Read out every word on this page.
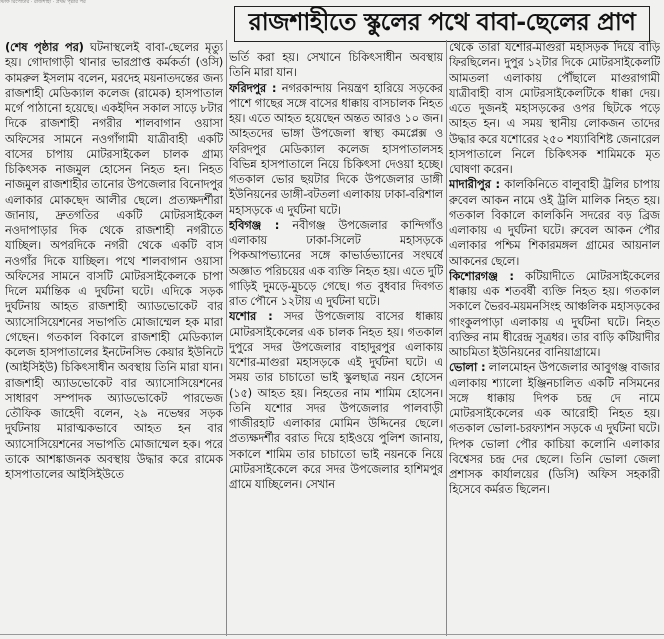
স্টাফ রিপোর্টার · রাজশাহী · প্রথম পৃষ্ঠার পর
রাজশাহীতে স্কুলের পথে বাবা-ছেলের প্রাণ

(শেষ পৃষ্ঠার পর) ঘটনাস্থলেই বাবা-ছেলের মৃত্যু হয়। গোদাগাড়ী থানার ভারপ্রাপ্ত কর্মকর্তা (ওসি) কামরুল ইসলাম বলেন, মরদেহ ময়নাতদন্তের জন্য রাজশাহী মেডিক্যাল কলেজ (রামেক) হাসপাতাল মর্গে পাঠানো হয়েছে। একইদিন সকাল সাড়ে ৮টার দিকে রাজশাহী নগরীর শালবাগান ওয়াসা অফিসের সামনে নওগাঁগামী যাত্রীবাহী একটি বাসের চাপায় মোটরসাইকেল চালক গ্রাম্য চিকিৎসক নাজমুল হোসেন নিহত হন। নিহত নাজমুল রাজশাহীর তানোর উপজেলার বিনোদপুর এলাকার মোকছেদ আলীর ছেলে। প্রত্যক্ষদর্শীরা জানায়, দ্রুতগতির একটি মোটরসাইকেল নওদাপাড়ার দিক থেকে রাজশাহী নগরীতে যাচ্ছিল। অপরদিকে নগরী থেকে একটি বাস নওগাঁর দিকে যাচ্ছিল। পথে শালবাগান ওয়াসা অফিসের সামনে বাসটি মোটরসাইকেলকে চাপা দিলে মর্মান্তিক এ দুর্ঘটনা ঘটে। এদিকে সড়ক দুর্ঘটনায় আহত রাজশাহী অ্যাডভোকেট বার অ্যাসোসিয়েশনের সভাপতি মোজাম্মেল হক মারা গেছেন। গতকাল বিকালে রাজশাহী মেডিক্যাল কলেজ হাসপাতালের ইনটেনসিভ কেয়ার ইউনিটে (আইসিইউ) চিকিৎসাধীন অবস্থায় তিনি মারা যান। রাজশাহী অ্যাডভোকেট বার অ্যাসোসিয়েশনের সাধারণ সম্পাদক অ্যাডভোকেট পারভেজ তৌফিক জাহেদী বলেন, ২৯ নভেম্বর সড়ক দুর্ঘটনায় মারাত্মকভাবে আহত হন বার অ্যাসোসিয়েশনের সভাপতি মোজাম্মেল হক। পরে তাকে আশঙ্কাজনক অবস্থায় উদ্ধার করে রামেক হাসপাতালের আইসিইউতে

ভর্তি করা হয়। সেখানে চিকিৎসাধীন অবস্থায় তিনি মারা যান।

ফরিদপুর : নগরকান্দায় নিয়ন্ত্রণ হারিয়ে সড়কের পাশে গাছের সঙ্গে বাসের ধাক্কায় বাসচালক নিহত হয়। এতে আহত হয়েছেন অন্তত আরও ১০ জন। আহতদের ভাঙ্গা উপজেলা স্বাস্থ্য কমপ্লেক্স ও ফরিদপুর মেডিক্যাল কলেজ হাসপাতালসহ বিভিন্ন হাসপাতালে নিয়ে চিকিৎসা দেওয়া হচ্ছে। গতকাল ভোর ছয়টার দিকে উপজেলার ডাঙ্গী ইউনিয়নের ডাঙ্গী-বটতলা এলাকায় ঢাকা-বরিশাল মহাসড়কে এ দুর্ঘটনা ঘটে।

হবিগঞ্জ : নবীগঞ্জ উপজেলার কান্দিগাঁও এলাকায় ঢাকা-সিলেট মহাসড়কে পিকআপভ্যানের সঙ্গে কাভার্ডভ্যানের সংঘর্ষে অজ্ঞাত পরিচয়ের এক ব্যক্তি নিহত হয়। এতে দুটি গাড়িই দুমড়ে-মুচড়ে গেছে। গত বুধবার দিবগত রাত পৌনে ১২টায় এ দুর্ঘটনা ঘটে।

যশোর : সদর উপজেলায় বাসের ধাক্কায় মোটরসাইকেলের এক চালক নিহত হয়। গতকাল দুপুরে সদর উপজেলার বাহাদুরপুর এলাকায় যশোর-মাগুরা মহাসড়কে এই দুর্ঘটনা ঘটে। এ সময় তার চাচাতো ভাই স্কুলছাত্র নয়ন হোসেন (১৫) আহত হয়। নিহতের নাম শামিম হোসেন। তিনি যশোর সদর উপজেলার পালবাড়ী গাজীরহাট এলাকার মোমিন উদ্দিনের ছেলে। প্রত্যক্ষদর্শীর বরাত দিয়ে হাইওয়ে পুলিশ জানায়, সকালে শামিম তার চাচাতো ভাই নয়নকে নিয়ে মোটরসাইকেলে করে সদর উপজেলার হাশিমপুর গ্রামে যাচ্ছিলেন। সেখান

থেকে তারা যশোর-মাগুরা মহাসড়ক দিয়ে বাড়ি ফিরছিলেন। দুপুর ১২টার দিকে মোটরসাইকেলটি আমতলা এলাকায় পৌঁছালে মাগুরাগামী যাত্রীবাহী বাস মোটরসাইকেলটিকে ধাক্কা দেয়। এতে দুজনই মহাসড়কের ওপর ছিটকে পড়ে আহত হন। এ সময় স্থানীয় লোকজন তাদের উদ্ধার করে যশোরের ২৫০ শয্যাবিশিষ্ট জেনারেল হাসপাতালে নিলে চিকিৎসক শামিমকে মৃত ঘোষণা করেন।

মাদারীপুর : কালকিনিতে বালুবাহী ট্রলির চাপায় রুবেল আকন নামে ওই ট্রলি মালিক নিহত হয়। গতকাল বিকালে কালকিনি সদরের বড় ব্রিজ এলাকায় এ দুর্ঘটনা ঘটে। রুবেল আকন পৌর এলাকার পশ্চিম শিকারমঙ্গল গ্রামের আয়নাল আকনের ছেলে।

কিশোরগঞ্জ : কটিয়াদীতে মোটরসাইকেলের ধাক্কায় এক শতবর্ষী ব্যক্তি নিহত হয়। গতকাল সকালে ভৈরব-ময়মনসিংহ আঞ্চলিক মহাসড়কের গাংকুলপাড়া এলাকায় এ দুর্ঘটনা ঘটে। নিহত ব্যক্তির নাম ধীরেন্দ্র সূত্রধর। তার বাড়ি কটিয়াদীর আচমিতা ইউনিয়নের বানিয়াগ্রামে।

ভোলা : লালমোহন উপজেলার আবুগঞ্জ বাজার এলাকায় শ্যালো ইঞ্জিনচালিত একটি নসিমনের সঙ্গে ধাক্কায় দিপক চন্দ্র দে নামে মোটরসাইকেলের এক আরোহী নিহত হয়। গতকাল ভোলা-চরফ্যাশন সড়কে এ দুর্ঘটনা ঘটে। দিপক ভোলা পৌর কাচিয়া কলোনি এলাকার বিশ্বেসর চন্দ্র দের ছেলে। তিনি ভোলা জেলা প্রশাসক কার্যালয়ের (ডিসি) অফিস সহকারী হিসেবে কর্মরত ছিলেন।
